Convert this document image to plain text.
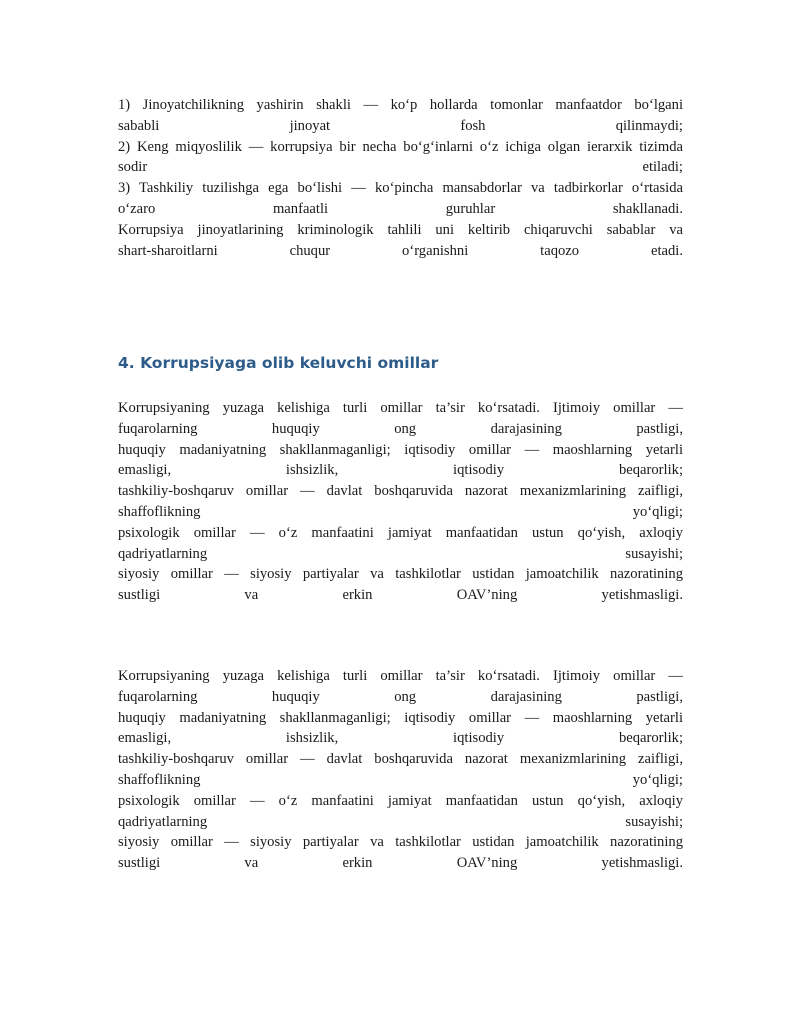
1) Jinoyatchilikning yashirin shakli — ko‘p hollarda tomonlar manfaatdor bo‘lgani
sababli jinoyat fosh qilinmaydi;
2) Keng miqyoslilik — korrupsiya bir necha bo‘g‘inlarni o‘z ichiga olgan ierarxik tizimda
sodir etiladi;
3) Tashkiliy tuzilishga ega bo‘lishi — ko‘pincha mansabdorlar va tadbirkorlar o‘rtasida
o‘zaro manfaatli guruhlar shakllanadi.
Korrupsiya jinoyatlarining kriminologik tahlili uni keltirib chiqaruvchi sabablar va
shart-sharoitlarni chuqur o‘rganishni taqozo etadi.
4. Korrupsiyaga olib keluvchi omillar
Korrupsiyaning yuzaga kelishiga turli omillar ta’sir ko‘rsatadi. Ijtimoiy omillar —
fuqarolarning huquqiy ong darajasining pastligi,
huquqiy madaniyatning shakllanmaganligi; iqtisodiy omillar — maoshlarning yetarli
emasligi, ishsizlik, iqtisodiy beqarorlik;
tashkiliy-boshqaruv omillar — davlat boshqaruvida nazorat mexanizmlarining zaifligi,
shaffoflikning yo‘qligi;
psixologik omillar — o‘z manfaatini jamiyat manfaatidan ustun qo‘yish, axloqiy
qadriyatlarning susayishi;
siyosiy omillar — siyosiy partiyalar va tashkilotlar ustidan jamoatchilik nazoratining
sustligi va erkin OAV’ning yetishmasligi.
Korrupsiyaning yuzaga kelishiga turli omillar ta’sir ko‘rsatadi. Ijtimoiy omillar —
fuqarolarning huquqiy ong darajasining pastligi,
huquqiy madaniyatning shakllanmaganligi; iqtisodiy omillar — maoshlarning yetarli
emasligi, ishsizlik, iqtisodiy beqarorlik;
tashkiliy-boshqaruv omillar — davlat boshqaruvida nazorat mexanizmlarining zaifligi,
shaffoflikning yo‘qligi;
psixologik omillar — o‘z manfaatini jamiyat manfaatidan ustun qo‘yish, axloqiy
qadriyatlarning susayishi;
siyosiy omillar — siyosiy partiyalar va tashkilotlar ustidan jamoatchilik nazoratining
sustligi va erkin OAV’ning yetishmasligi.
